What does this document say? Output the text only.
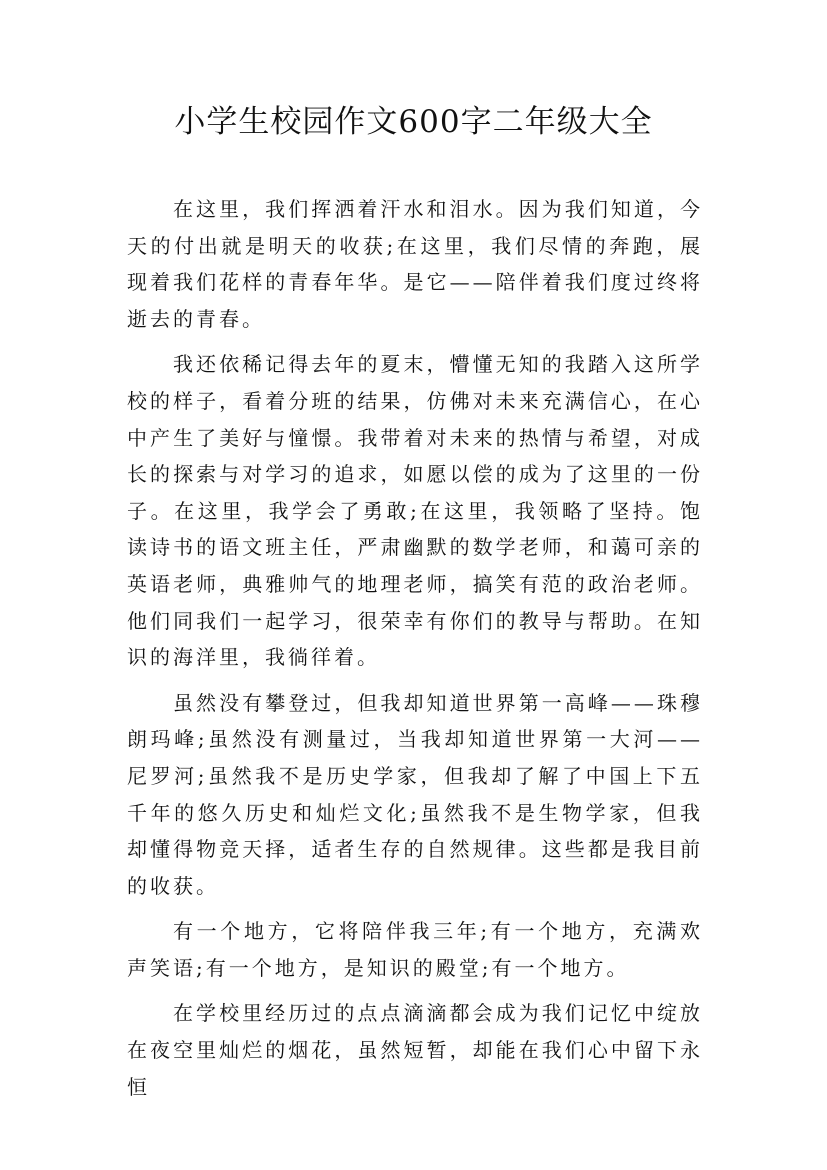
小学生校园作文600字二年级大全

在这里，我们挥洒着汗水和泪水。因为我们知道，今天的付出就是明天的收获;在这里，我们尽情的奔跑，展现着我们花样的青春年华。是它——陪伴着我们度过终将逝去的青春。

我还依稀记得去年的夏末，懵懂无知的我踏入这所学校的样子，看着分班的结果，仿佛对未来充满信心，在心中产生了美好与憧憬。我带着对未来的热情与希望，对成长的探索与对学习的追求，如愿以偿的成为了这里的一份子。在这里，我学会了勇敢;在这里，我领略了坚持。饱读诗书的语文班主任，严肃幽默的数学老师，和蔼可亲的英语老师，典雅帅气的地理老师，搞笑有范的政治老师。他们同我们一起学习，很荣幸有你们的教导与帮助。在知识的海洋里，我徜徉着。

虽然没有攀登过，但我却知道世界第一高峰——珠穆朗玛峰;虽然没有测量过，当我却知道世界第一大河——尼罗河;虽然我不是历史学家，但我却了解了中国上下五千年的悠久历史和灿烂文化;虽然我不是生物学家，但我却懂得物竞天择，适者生存的自然规律。这些都是我目前的收获。

有一个地方，它将陪伴我三年;有一个地方，充满欢声笑语;有一个地方，是知识的殿堂;有一个地方。

在学校里经历过的点点滴滴都会成为我们记忆中绽放在夜空里灿烂的烟花，虽然短暂，却能在我们心中留下永恒
